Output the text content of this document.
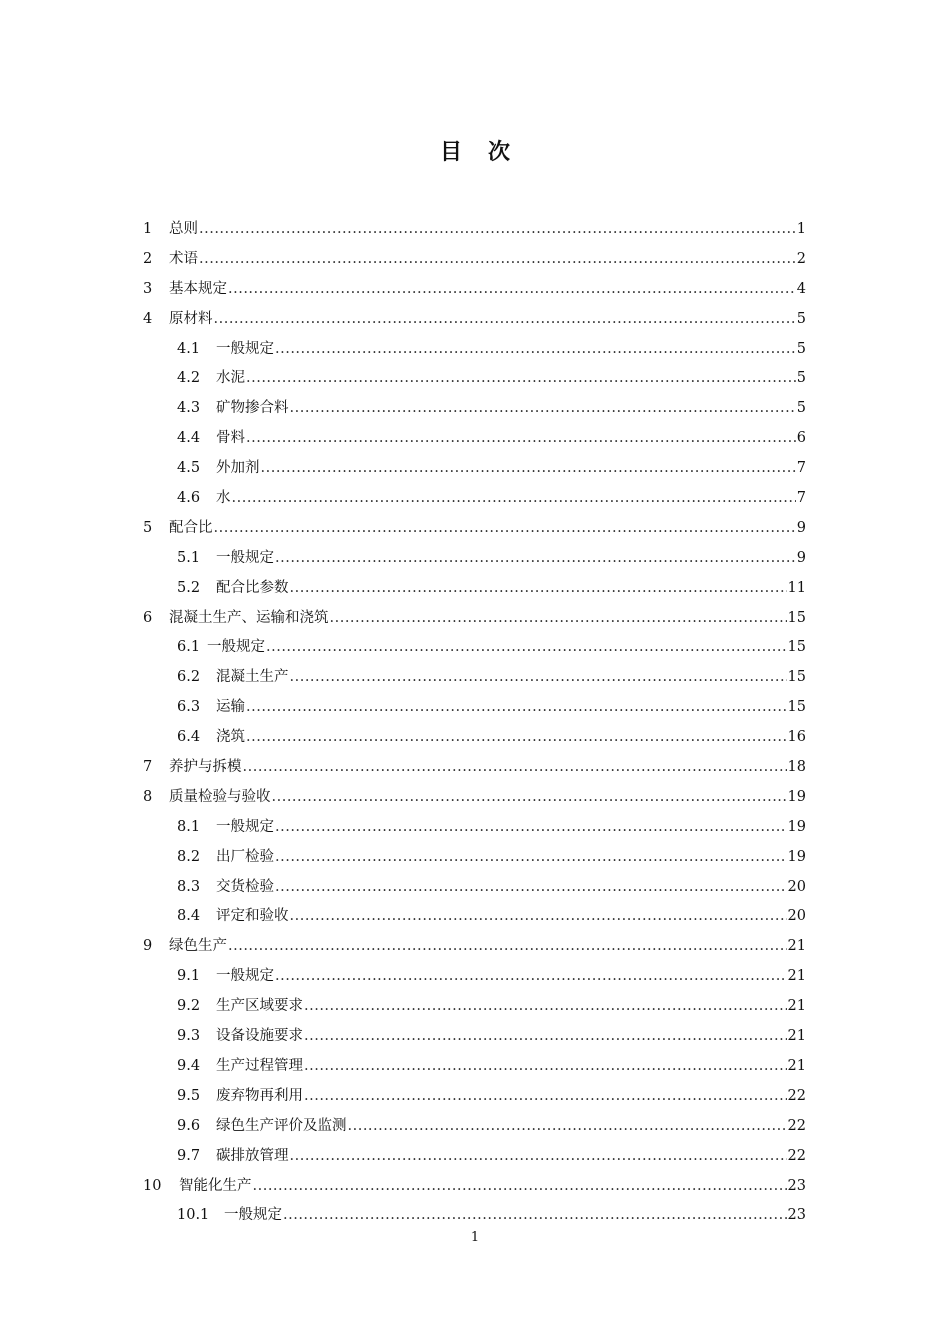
目次
1	总则 .....	1
2	术语 .....	2
3	基本规定 .....	4
4	原材料 .....	5
4.1	一般规定 .....	5
4.2	水泥 .....	5
4.3	矿物掺合料 .....	5
4.4	骨料 .....	6
4.5	外加剂 .....	7
4.6	水 .....	7
5	配合比 .....	9
5.1	一般规定 .....	9
5.2	配合比参数 .....	11
6	混凝土生产、运输和浇筑 .....	15
6.1 一般规定 .....	15
6.2	混凝土生产 .....	15
6.3	运输 .....	15
6.4	浇筑 .....	16
7	养护与拆模 .....	18
8	质量检验与验收 .....	19
8.1	一般规定 .....	19
8.2	出厂检验 .....	19
8.3	交货检验 .....	20
8.4	评定和验收 .....	20
9	绿色生产 .....	21
9.1	一般规定 .....	21
9.2	生产区域要求 .....	21
9.3	设备设施要求 .....	21
9.4	生产过程管理 .....	21
9.5	废弃物再利用 .....	22
9.6	绿色生产评价及监测 .....	22
9.7	碳排放管理 .....	22
10	智能化生产 .....	23
10.1	一般规定 .....	23
1
